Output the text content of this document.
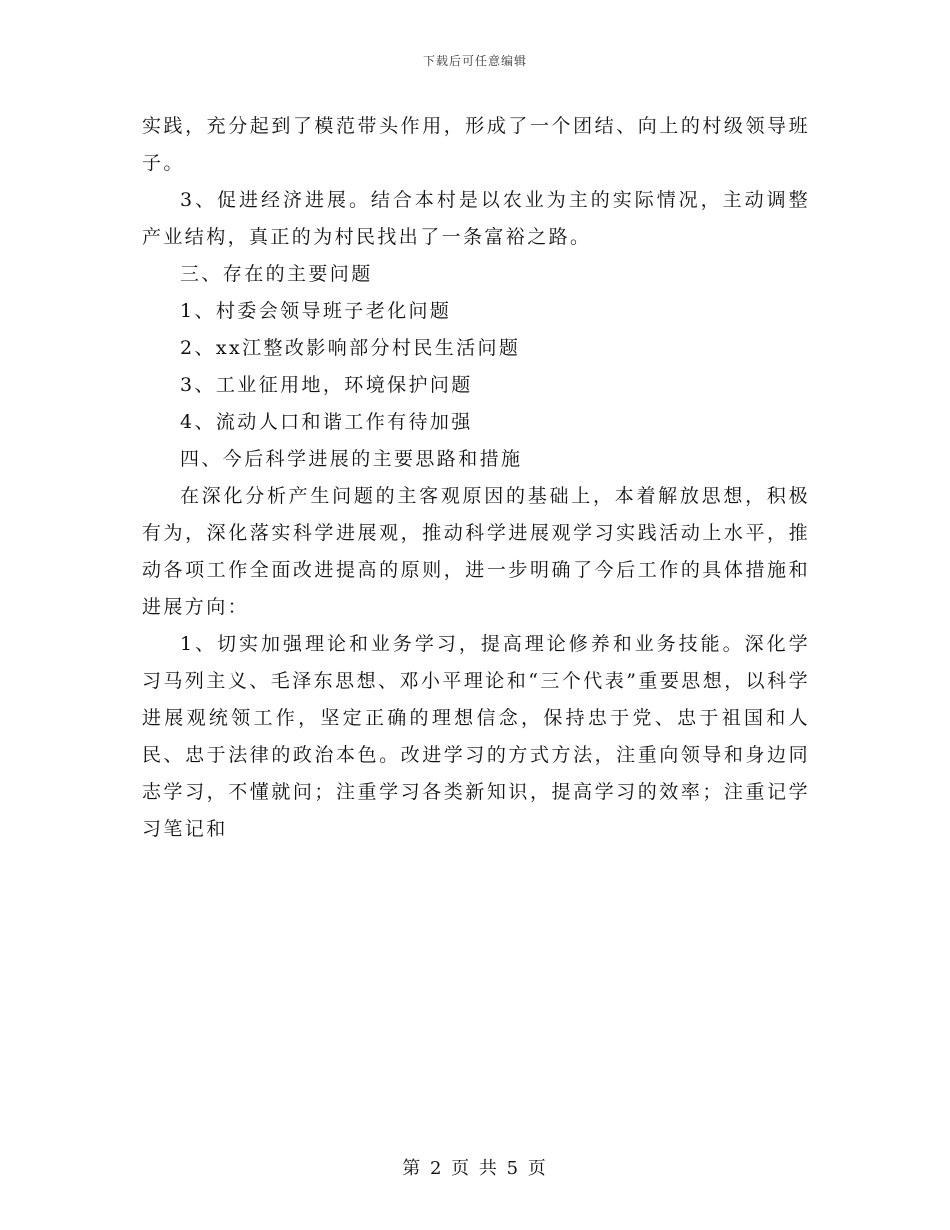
下载后可任意编辑

实践，充分起到了模范带头作用，形成了一个团结、向上的村级领导班子。

3、促进经济进展。结合本村是以农业为主的实际情况，主动调整产业结构，真正的为村民找出了一条富裕之路。

三、存在的主要问题

1、村委会领导班子老化问题

2、xx江整改影响部分村民生活问题

3、工业征用地，环境保护问题

4、流动人口和谐工作有待加强

四、今后科学进展的主要思路和措施

在深化分析产生问题的主客观原因的基础上，本着解放思想，积极有为，深化落实科学进展观，推动科学进展观学习实践活动上水平，推动各项工作全面改进提高的原则，进一步明确了今后工作的具体措施和进展方向：

1、切实加强理论和业务学习，提高理论修养和业务技能。深化学习马列主义、毛泽东思想、邓小平理论和“三个代表”重要思想，以科学进展观统领工作，坚定正确的理想信念，保持忠于党、忠于祖国和人民、忠于法律的政治本色。改进学习的方式方法，注重向领导和身边同志学习，不懂就问；注重学习各类新知识，提高学习的效率；注重记学习笔记和

第 2 页 共 5 页
